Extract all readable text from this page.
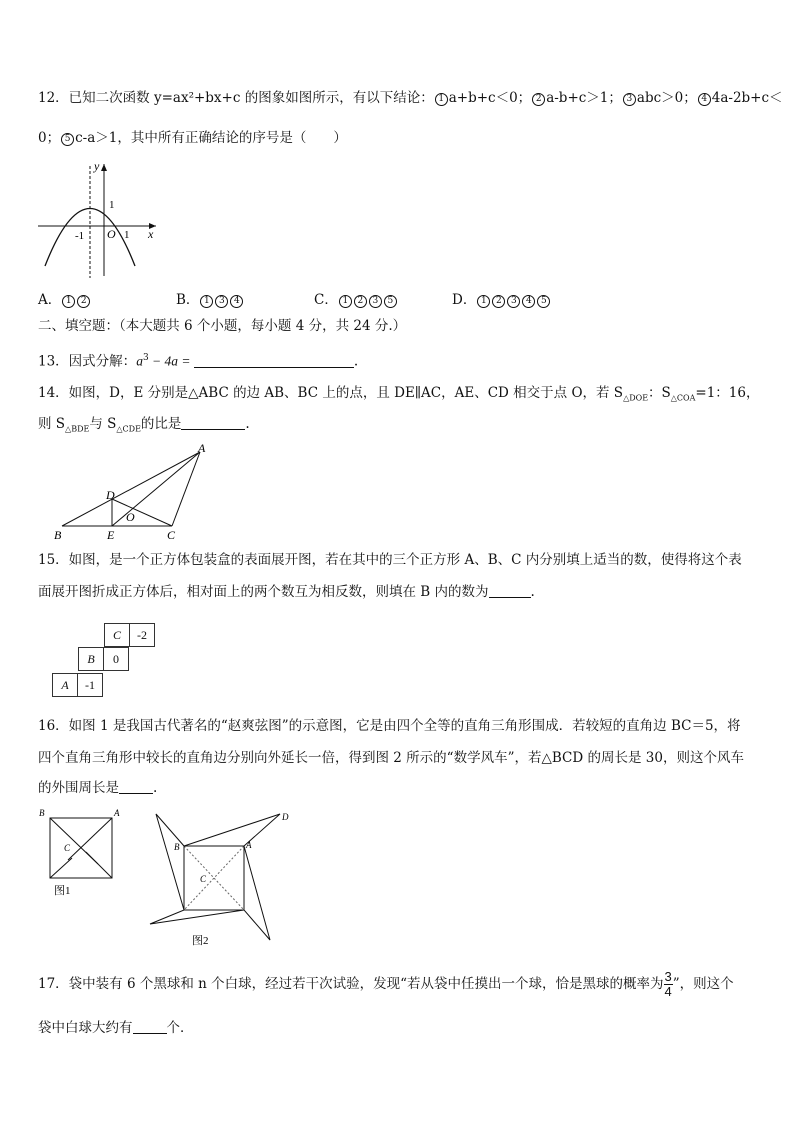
12．已知二次函数 y=ax²+bx+c 的图象如图所示，有以下结论： 1 a+b+c＜0； 2 a-b+c＞1； 3 abc＞0； 4 4a-2b+c＜
0； 5 c-a＞1，其中所有正确结论的序号是（　　）
y
x
1
-1 O 1
A． 1 2	B． 1 3 4	C． 1 2 3 5	D． 1 2 3 4 5
二、填空题：（本大题共 6 个小题，每小题 4 分，共 24 分.）
13．因式分解：$a^3 - 4a$ =	.
14．如图，D，E 分别是△ABC 的边 AB、BC 上的点，且 DE∥AC，AE、CD 相交于点 O，若 $S_{\triangle DOE}$：$S_{\triangle COA}=1$：16，
则 $S_{\triangle BDE}$与 $S_{\triangle CDE}$的比是	.
A
B	C
D
E
O
15．如图，是一个正方体包装盒的表面展开图，若在其中的三个正方形 A、B、C 内分别填上适当的数，使得将这个表
面展开图折成正方体后，相对面上的两个数互为相反数，则填在 B 内的数为	.
C	-2
B	0
A	-1
16．如图 1 是我国古代著名的“赵爽弦图”的示意图，它是由四个全等的直角三角形围成．若较短的直角边 BC＝5，将
四个直角三角形中较长的直角边分别向外延长一倍，得到图 2 所示的“数学风车”，若△BCD 的周长是 30，则这个风车
的外围周长是	.
B	A
C
图1
D
B	A
C
图2
17．袋中装有 6 个黑球和 n 个白球，经过若干次试验，发现“若从袋中任摸出一个球，恰是黑球的概率为 $\frac{3}{4}$ ”，则这个
袋中白球大约有	个．
